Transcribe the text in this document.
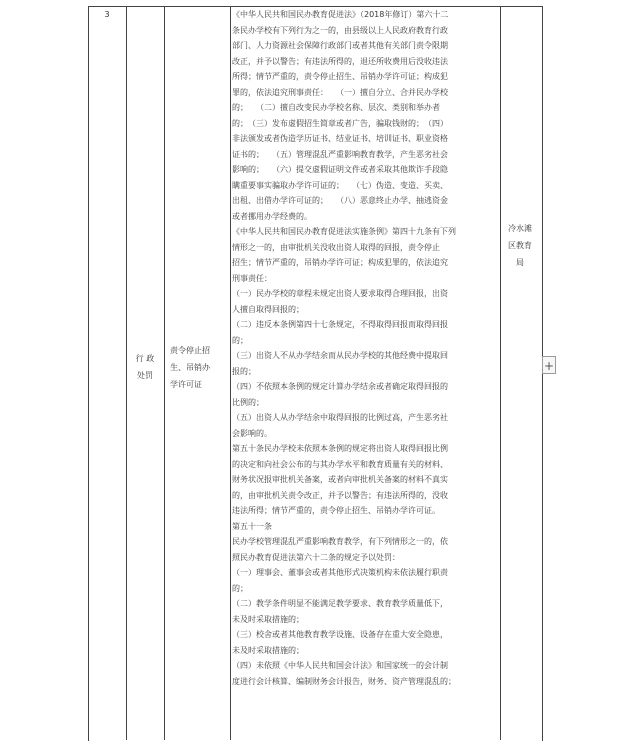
3
行 政
处罚
责令停止招
生、吊销办
学许可证

《中华人民共和国民办教育促进法》（2018年修订）第六十二

条民办学校有下列行为之一的，由县级以上人民政府教育行政

部门、人力资源社会保障行政部门或者其他有关部门责令限期

改正，并予以警告；有违法所得的，退还所收费用后没收违法

所得；情节严重的，责令停止招生、吊销办学许可证；构成犯

罪的，依法追究刑事责任：　　（一）擅自分立、合并民办学校

的；　　（二）擅自改变民办学校名称、层次、类别和举办者

的；　（三）发布虚假招生简章或者广告，骗取钱财的；　（四）

非法颁发或者伪造学历证书、结业证书、培训证书、职业资格

证书的；　　（五）管理混乱严重影响教育教学，产生恶劣社会

影响的；　　（六）提交虚假证明文件或者采取其他欺诈手段隐

瞒重要事实骗取办学许可证的；　　（七）伪造、变造、买卖、

出租、出借办学许可证的；　　（八）恶意终止办学、抽逃资金

或者挪用办学经费的。

《中华人民共和国民办教育促进法实施条例》第四十九条有下列

情形之一的，由审批机关没收出资人取得的回报，责令停止

招生；情节严重的，吊销办学许可证；构成犯罪的，依法追究

刑事责任：

（一）民办学校的章程未规定出资人要求取得合理回报，出资

人擅自取得回报的；

（二）违反本条例第四十七条规定，不得取得回报而取得回报

的；

（三）出资人不从办学结余而从民办学校的其他经费中提取回

报的；

（四）不依照本条例的规定计算办学结余或者确定取得回报的

比例的；

（五）出资人从办学结余中取得回报的比例过高，产生恶劣社

会影响的。

第五十条民办学校未依照本条例的规定将出资人取得回报比例

的决定和向社会公布的与其办学水平和教育质量有关的材料、

财务状况报审批机关备案，或者向审批机关备案的材料不真实

的，由审批机关责令改正，并予以警告；有违法所得的，没收

违法所得；情节严重的，责令停止招生、吊销办学许可证。

第五十一条

民办学校管理混乱严重影响教育教学，有下列情形之一的，依

照民办教育促进法第六十二条的规定予以处罚：

（一）理事会、董事会或者其他形式决策机构未依法履行职责

的；

（二）教学条件明显不能满足教学要求、教育教学质量低下，

未及时采取措施的；

（三）校舍或者其他教育教学设施、设备存在重大安全隐患，

未及时采取措施的；

（四）未依照《中华人民共和国会计法》和国家统一的会计制

度进行会计核算、编制财务会计报告，财务、资产管理混乱的；

冷水滩
区教育
局
+
